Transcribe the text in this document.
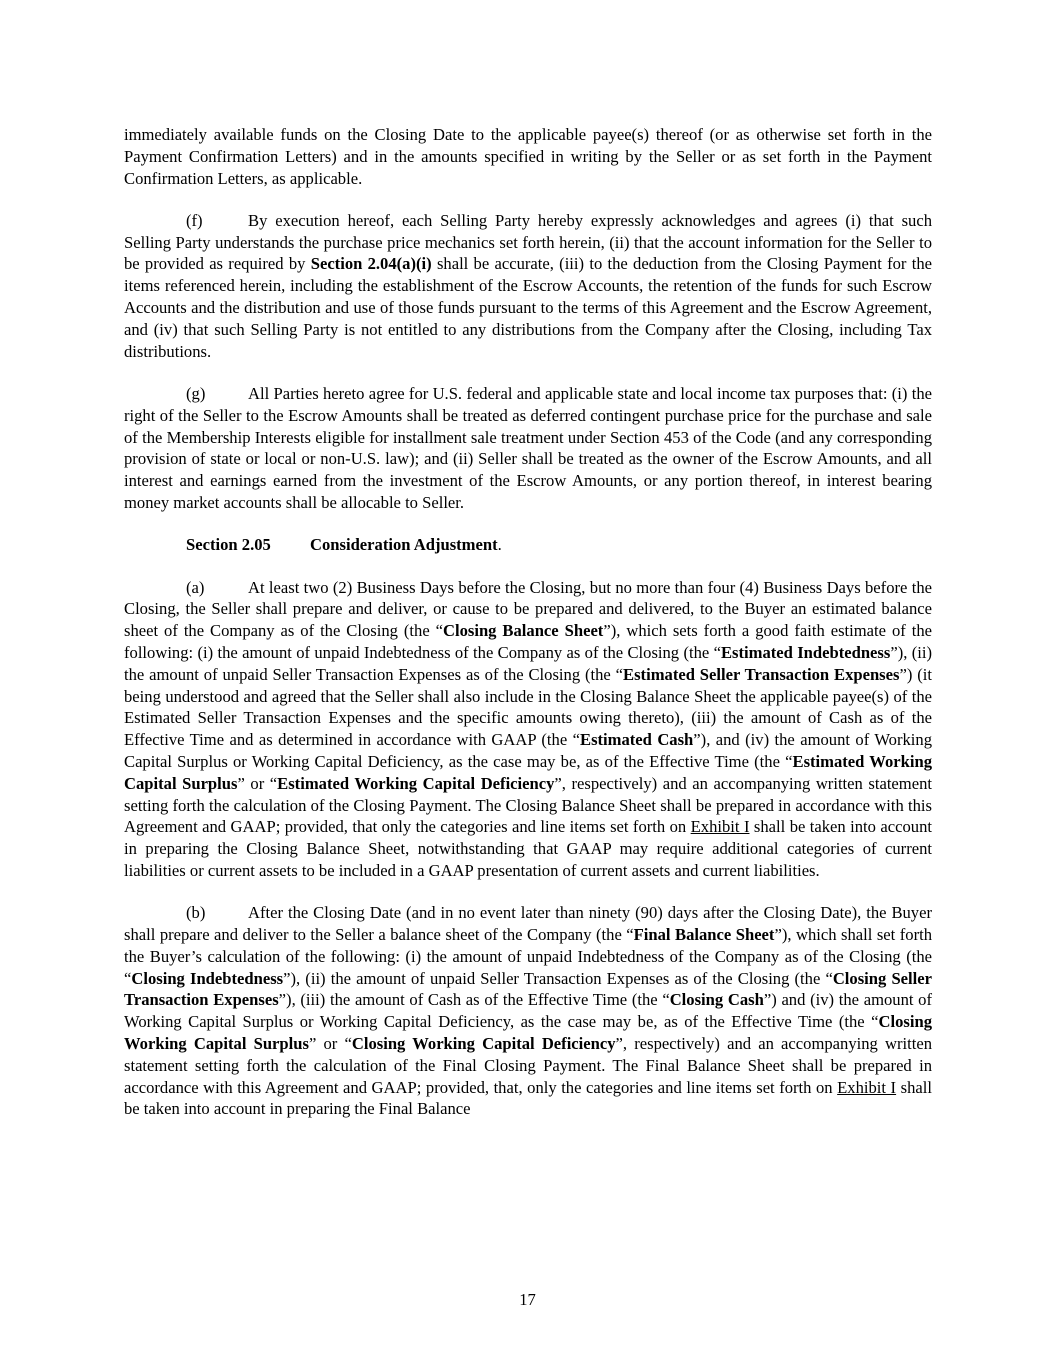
immediately available funds on the Closing Date to the applicable payee(s) thereof (or as otherwise set forth in the Payment Confirmation Letters) and in the amounts specified in writing by the Seller or as set forth in the Payment Confirmation Letters, as applicable.

(f)	By execution hereof, each Selling Party hereby expressly acknowledges and agrees (i) that such Selling Party understands the purchase price mechanics set forth herein, (ii) that the account information for the Seller to be provided as required by Section 2.04(a)(i) shall be accurate, (iii) to the deduction from the Closing Payment for the items referenced herein, including the establishment of the Escrow Accounts, the retention of the funds for such Escrow Accounts and the distribution and use of those funds pursuant to the terms of this Agreement and the Escrow Agreement, and (iv) that such Selling Party is not entitled to any distributions from the Company after the Closing, including Tax distributions.

(g)	All Parties hereto agree for U.S. federal and applicable state and local income tax purposes that: (i) the right of the Seller to the Escrow Amounts shall be treated as deferred contingent purchase price for the purchase and sale of the Membership Interests eligible for installment sale treatment under Section 453 of the Code (and any corresponding provision of state or local or non-U.S. law); and (ii) Seller shall be treated as the owner of the Escrow Amounts, and all interest and earnings earned from the investment of the Escrow Amounts, or any portion thereof, in interest bearing money market accounts shall be allocable to Seller.

Section 2.05 Consideration Adjustment.

(a)	At least two (2) Business Days before the Closing, but no more than four (4) Business Days before the Closing, the Seller shall prepare and deliver, or cause to be prepared and delivered, to the Buyer an estimated balance sheet of the Company as of the Closing (the “Closing Balance Sheet”), which sets forth a good faith estimate of the following: (i) the amount of unpaid Indebtedness of the Company as of the Closing (the “Estimated Indebtedness”), (ii) the amount of unpaid Seller Transaction Expenses as of the Closing (the “Estimated Seller Transaction Expenses”) (it being understood and agreed that the Seller shall also include in the Closing Balance Sheet the applicable payee(s) of the Estimated Seller Transaction Expenses and the specific amounts owing thereto), (iii) the amount of Cash as of the Effective Time and as determined in accordance with GAAP (the “Estimated Cash”), and (iv) the amount of Working Capital Surplus or Working Capital Deficiency, as the case may be, as of the Effective Time (the “Estimated Working Capital Surplus” or “Estimated Working Capital Deficiency”, respectively) and an accompanying written statement setting forth the calculation of the Closing Payment. The Closing Balance Sheet shall be prepared in accordance with this Agreement and GAAP; provided, that only the categories and line items set forth on Exhibit I shall be taken into account in preparing the Closing Balance Sheet, notwithstanding that GAAP may require additional categories of current liabilities or current assets to be included in a GAAP presentation of current assets and current liabilities.

(b)	After the Closing Date (and in no event later than ninety (90) days after the Closing Date), the Buyer shall prepare and deliver to the Seller a balance sheet of the Company (the “Final Balance Sheet”), which shall set forth the Buyer’s calculation of the following: (i) the amount of unpaid Indebtedness of the Company as of the Closing (the “Closing Indebtedness”), (ii) the amount of unpaid Seller Transaction Expenses as of the Closing (the “Closing Seller Transaction Expenses”), (iii) the amount of Cash as of the Effective Time (the “Closing Cash”) and (iv) the amount of Working Capital Surplus or Working Capital Deficiency, as the case may be, as of the Effective Time (the “Closing Working Capital Surplus” or “Closing Working Capital Deficiency”, respectively) and an accompanying written statement setting forth the calculation of the Final Closing Payment. The Final Balance Sheet shall be prepared in accordance with this Agreement and GAAP; provided, that, only the categories and line items set forth on Exhibit I shall be taken into account in preparing the Final Balance

17
